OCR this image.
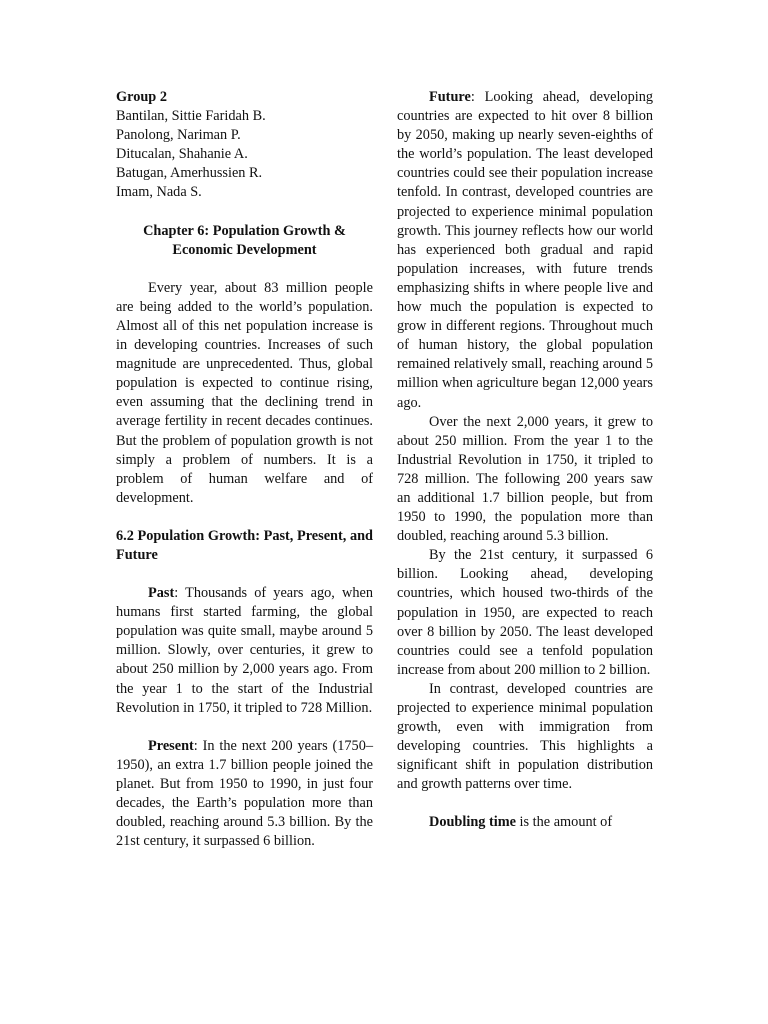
Group 2
Bantilan, Sittie Faridah B.
Panolong, Nariman P.
Ditucalan, Shahanie A.
Batugan, Amerhussien R.
Imam, Nada S.
Chapter 6: Population Growth & Economic Development

Every year, about 83 million people are being added to the world’s population. Almost all of this net population increase is in developing countries. Increases of such magnitude are unprecedented. Thus, global population is expected to continue rising, even assuming that the declining trend in average fertility in recent decades continues. But the problem of population growth is not simply a problem of numbers. It is a problem of human welfare and of development.

6.2 Population Growth: Past, Present, and Future

Past: Thousands of years ago, when humans first started farming, the global population was quite small, maybe around 5 million. Slowly, over centuries, it grew to about 250 million by 2,000 years ago. From the year 1 to the start of the Industrial Revolution in 1750, it tripled to 728 Million.

Present: In the next 200 years (1750–1950), an extra 1.7 billion people joined the planet. But from 1950 to 1990, in just four decades, the Earth’s population more than doubled, reaching around 5.3 billion. By the 21st century, it surpassed 6 billion.

Future: Looking ahead, developing countries are expected to hit over 8 billion by 2050, making up nearly seven-eighths of the world’s population. The least developed countries could see their population increase tenfold. In contrast, developed countries are projected to experience minimal population growth. This journey reflects how our world has experienced both gradual and rapid population increases, with future trends emphasizing shifts in where people live and how much the population is expected to grow in different regions. Throughout much of human history, the global population remained relatively small, reaching around 5 million when agriculture began 12,000 years ago.

Over the next 2,000 years, it grew to about 250 million. From the year 1 to the Industrial Revolution in 1750, it tripled to 728 million. The following 200 years saw an additional 1.7 billion people, but from 1950 to 1990, the population more than doubled, reaching around 5.3 billion.

By the 21st century, it surpassed 6 billion. Looking ahead, developing countries, which housed two-thirds of the population in 1950, are expected to reach over 8 billion by 2050. The least developed countries could see a tenfold population increase from about 200 million to 2 billion.

In contrast, developed countries are projected to experience minimal population growth, even with immigration from developing countries. This highlights a significant shift in population distribution and growth patterns over time.

Doubling time is the amount of
